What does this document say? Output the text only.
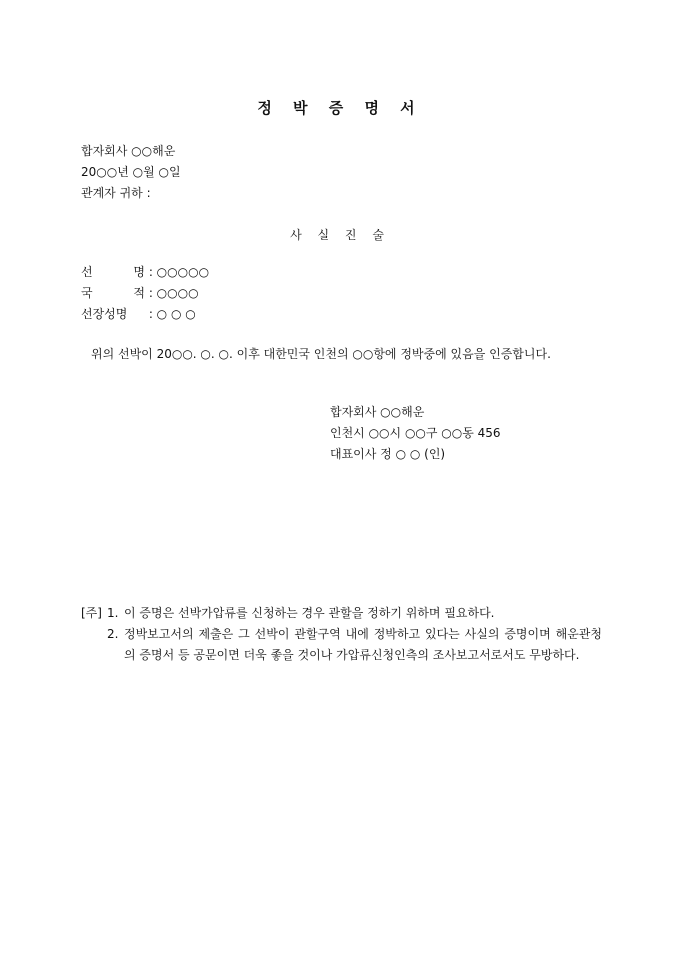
정 박 증 명 서
합자회사 ○○해운
20○○년 ○월 ○일
관계자 귀하 :
사 실 진 술
선 명 : ○○○○○
국 적 : ○○○○
선장성명 : ○ ○ ○
위의 선박이 20○○. ○. ○. 이후 대한민국 인천의 ○○항에 정박중에 있음을 인증합니다.
합자회사 ○○해운
인천시 ○○시 ○○구 ○○동 456
대표이사 정 ○ ○ (인)
[주] 1. 이 증명은 선박가압류를 신청하는 경우 관할을 정하기 위하며 필요하다.
2. 정박보고서의 제출은 그 선박이 관할구역 내에 정박하고 있다는 사실의 증명이며 해운관청의 증명서 등 공문이면 더욱 좋을 것이나 가압류신청인측의 조사보고서로서도 무방하다.
